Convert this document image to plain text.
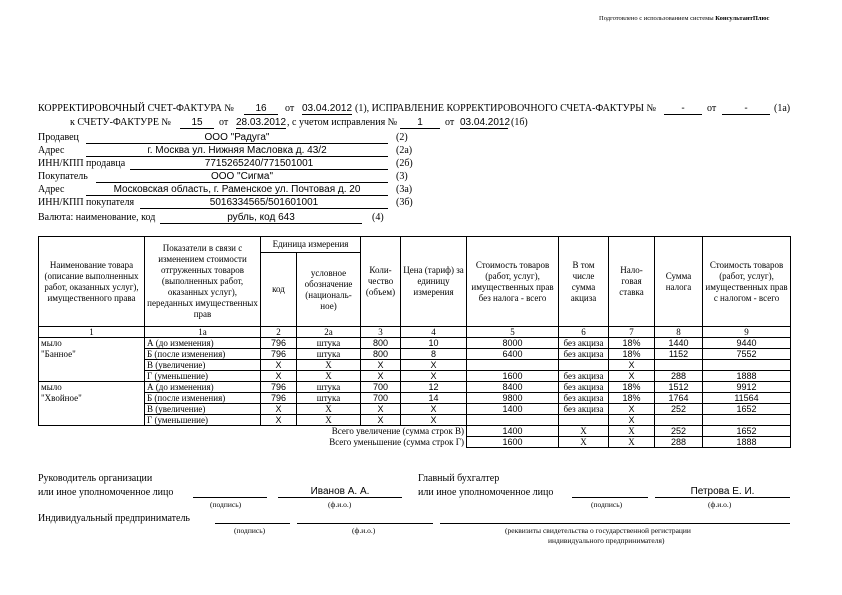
Подготовлено с использованием системы КонсультантПлюс
КОРРЕКТИРОВОЧНЫЙ СЧЕТ-ФАКТУРА №	16	от 03.04.2012 (1), ИСПРАВЛЕНИЕ КОРРЕКТИРОВОЧНОГО СЧЕТА-ФАКТУРЫ №	-	от	-	(1а)
к СЧЕТУ-ФАКТУРЕ №	15	от 28.03.2012 , с учетом исправления №	1	от 03.04.2012 (1б)
Продавец	ООО "Радуга"	(2)
Адрес	г. Москва ул. Нижняя Масловка д. 43/2	(2а)
ИНН/КПП продавца	7715265240/771501001	(2б)
Покупатель	ООО "Сигма"	(3)
Адрес	Московская область, г. Раменское ул. Почтовая д. 20	(3а)
ИНН/КПП покупателя	5016334565/501601001	(3б)
Валюта: наименование, код	рубль, код 643	(4)
Наименование товара (описание выполненных работ, оказанных услуг), имущественного права	Показатели в связи с изменением стоимости отгруженных товаров (выполненных работ, оказанных услуг), переданных имущественных прав	Единица измерения		Коли-чество (объем)	Цена (тариф) за единицу измерения	Стоимость товаров (работ, услуг), имущественных прав без налога - всего	В том числе сумма акциза	Нало-говая ставка	Сумма налога	Стоимость товаров (работ, услуг), имущественных прав с налогом - всего
		код	условное обозначение (националь-ное)							
1	1а	2	2а	3	4	5	6	7	8	9
мыло	А (до изменения)	796	штука	800	10	8000	без акциза	18%	1440	9440
"Банное"	Б (после изменения)	796	штука	800	8	6400	без акциза	18%	1152	7552
	В (увеличение)	X	X	X	X			X		
	Г (уменьшение)	X	X	X	X	1600	без акциза	X	288	1888
мыло	А (до изменения)	796	штука	700	12	8400	без акциза	18%	1512	9912
"Хвойное"	Б (после изменения)	796	штука	700	14	9800	без акциза	18%	1764	11564
	В (увеличение)	X	X	X	X	1400	без акциза	X	252	1652
	Г (уменьшение)	X	X	X	X			X		
Всего увеличение (сумма строк В)						1400	X	X	252	1652
Всего уменьшение (сумма строк Г)						1600	X	X	288	1888
Руководитель организации
или иное уполномоченное лицо	Иванов А. А.
(подпись)	(ф.и.о.)
Главный бухгалтер
или иное уполномоченное лицо	Петрова Е. И.
(подпись)	(ф.и.о.)
Индивидуальный предприниматель
(подпись)	(ф.и.о.)	(реквизиты свидетельства о государственной регистрации
индивидуального предпринимателя)
